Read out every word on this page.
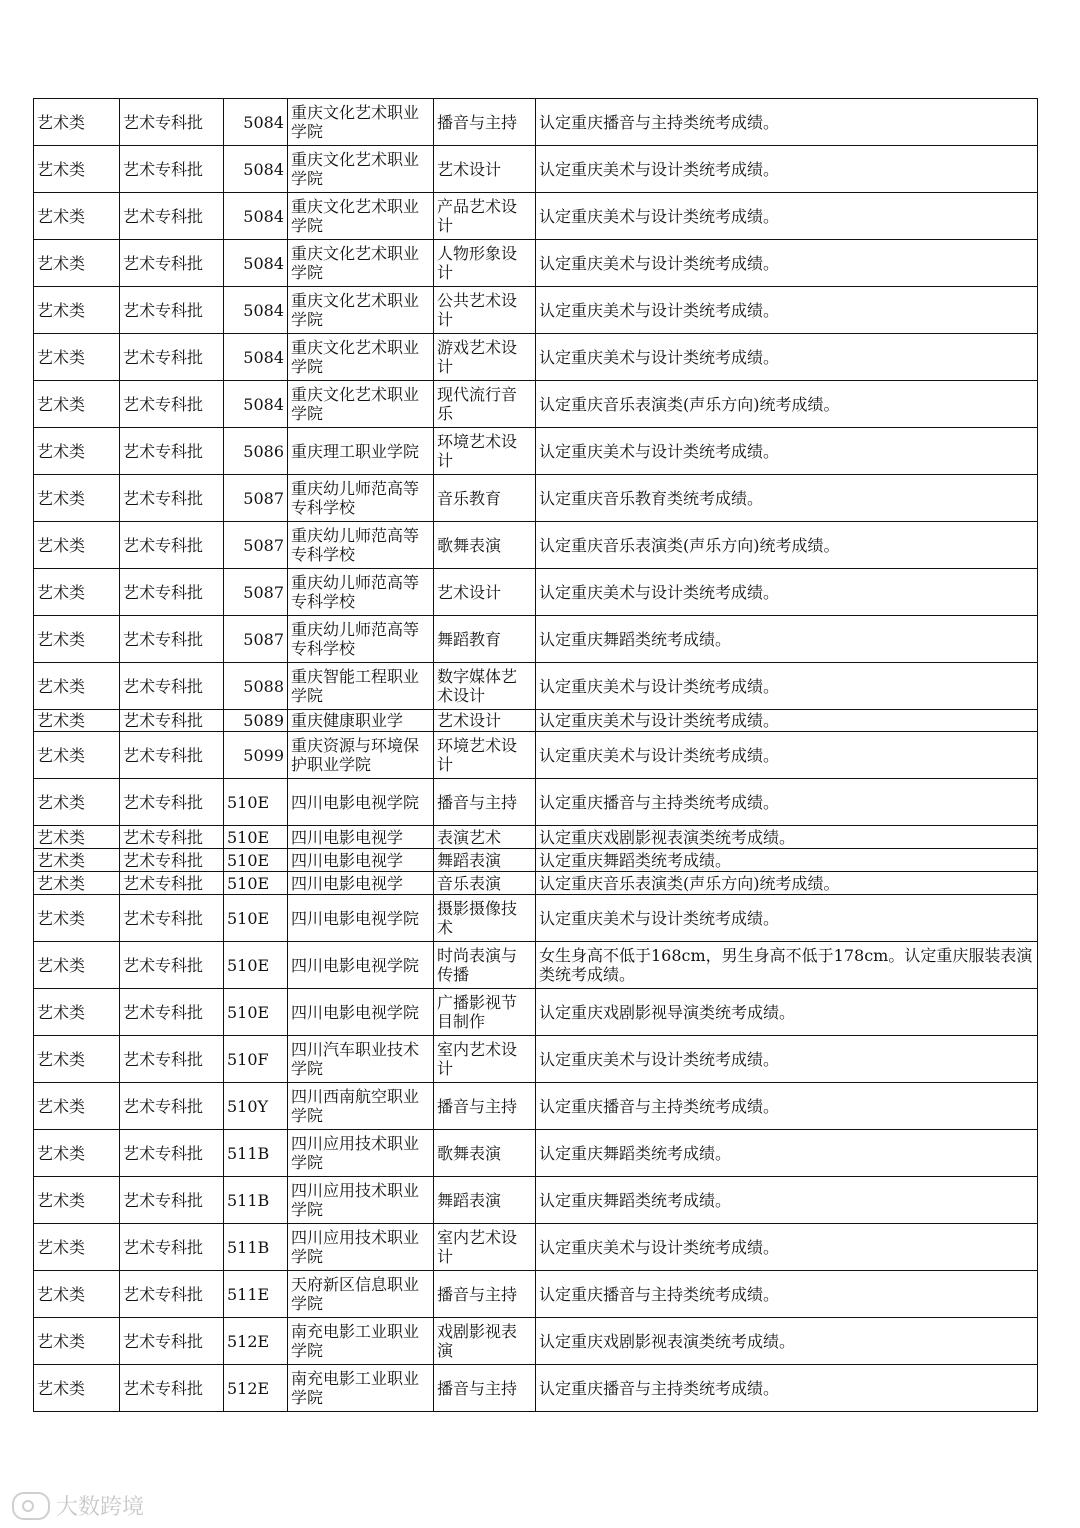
艺术类	艺术专科批	5084	重庆文化艺术职业学院	播音与主持	认定重庆播音与主持类统考成绩。
艺术类	艺术专科批	5084	重庆文化艺术职业学院	艺术设计	认定重庆美术与设计类统考成绩。
艺术类	艺术专科批	5084	重庆文化艺术职业学院	产品艺术设计	认定重庆美术与设计类统考成绩。
艺术类	艺术专科批	5084	重庆文化艺术职业学院	人物形象设计	认定重庆美术与设计类统考成绩。
艺术类	艺术专科批	5084	重庆文化艺术职业学院	公共艺术设计	认定重庆美术与设计类统考成绩。
艺术类	艺术专科批	5084	重庆文化艺术职业学院	游戏艺术设计	认定重庆美术与设计类统考成绩。
艺术类	艺术专科批	5084	重庆文化艺术职业学院	现代流行音乐	认定重庆音乐表演类(声乐方向)统考成绩。
艺术类	艺术专科批	5086	重庆理工职业学院	环境艺术设计	认定重庆美术与设计类统考成绩。
艺术类	艺术专科批	5087	重庆幼儿师范高等专科学校	音乐教育	认定重庆音乐教育类统考成绩。
艺术类	艺术专科批	5087	重庆幼儿师范高等专科学校	歌舞表演	认定重庆音乐表演类(声乐方向)统考成绩。
艺术类	艺术专科批	5087	重庆幼儿师范高等专科学校	艺术设计	认定重庆美术与设计类统考成绩。
艺术类	艺术专科批	5087	重庆幼儿师范高等专科学校	舞蹈教育	认定重庆舞蹈类统考成绩。
艺术类	艺术专科批	5088	重庆智能工程职业学院	数字媒体艺术设计	认定重庆美术与设计类统考成绩。
艺术类	艺术专科批	5089	重庆健康职业学	艺术设计	认定重庆美术与设计类统考成绩。
艺术类	艺术专科批	5099	重庆资源与环境保护职业学院	环境艺术设计	认定重庆美术与设计类统考成绩。
艺术类	艺术专科批	510E	四川电影电视学院	播音与主持	认定重庆播音与主持类统考成绩。
艺术类	艺术专科批	510E	四川电影电视学	表演艺术	认定重庆戏剧影视表演类统考成绩。
艺术类	艺术专科批	510E	四川电影电视学	舞蹈表演	认定重庆舞蹈类统考成绩。
艺术类	艺术专科批	510E	四川电影电视学	音乐表演	认定重庆音乐表演类(声乐方向)统考成绩。
艺术类	艺术专科批	510E	四川电影电视学院	摄影摄像技术	认定重庆美术与设计类统考成绩。
艺术类	艺术专科批	510E	四川电影电视学院	时尚表演与传播	女生身高不低于168cm，男生身高不低于178cm。认定重庆服装表演类统考成绩。
艺术类	艺术专科批	510E	四川电影电视学院	广播影视节目制作	认定重庆戏剧影视导演类统考成绩。
艺术类	艺术专科批	510F	四川汽车职业技术学院	室内艺术设计	认定重庆美术与设计类统考成绩。
艺术类	艺术专科批	510Y	四川西南航空职业学院	播音与主持	认定重庆播音与主持类统考成绩。
艺术类	艺术专科批	511B	四川应用技术职业学院	歌舞表演	认定重庆舞蹈类统考成绩。
艺术类	艺术专科批	511B	四川应用技术职业学院	舞蹈表演	认定重庆舞蹈类统考成绩。
艺术类	艺术专科批	511B	四川应用技术职业学院	室内艺术设计	认定重庆美术与设计类统考成绩。
艺术类	艺术专科批	511E	天府新区信息职业学院	播音与主持	认定重庆播音与主持类统考成绩。
艺术类	艺术专科批	512E	南充电影工业职业学院	戏剧影视表演	认定重庆戏剧影视表演类统考成绩。
艺术类	艺术专科批	512E	南充电影工业职业学院	播音与主持	认定重庆播音与主持类统考成绩。
大数跨境
